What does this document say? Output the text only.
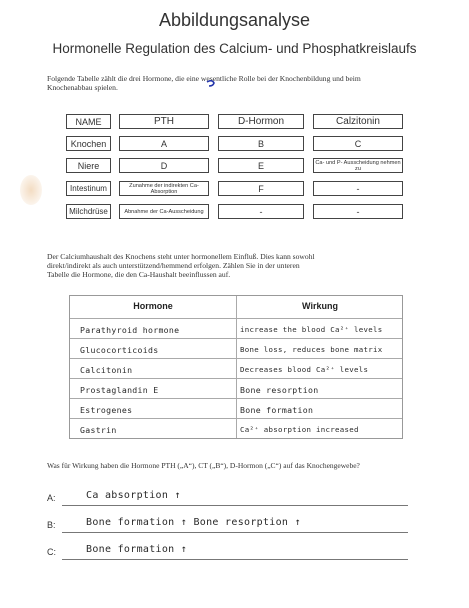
Abbildungsanalyse
Hormonelle Regulation des Calcium- und Phosphatkreislaufs
Folgende Tabelle zählt die drei Hormone, die eine wesentliche Rolle bei der Knochenbildung und beim
Knochenabbau spielen.
NAME	PTH	D-Hormon	Calzitonin
Knochen	A	B	C
Niere	D	E	Ca- und P- Ausscheidung nehmen zu
Intestinum	Zunahme der indirekten Ca-Absorption	F	-
Milchdrüse	Abnahme der Ca-Ausscheidung	-	-
Der Calciumhaushalt des Knochens steht unter hormonellem Einfluß. Dies kann sowohl
direkt/indirekt als auch unterstützend/hemmend erfolgen. Zählen Sie in der unteren
Tabelle die Hormone, die den Ca-Haushalt beeinflussen auf.
Hormone	Wirkung
Parathyroid hormone	increase the blood Ca²⁺ levels
Glucocorticoids	Bone loss, reduces bone matrix
Calcitonin	Decreases blood Ca²⁺ levels
Prostaglandin E	Bone resorption
Estrogenes	Bone formation
Gastrin	Ca²⁺ absorption increased
Was für Wirkung haben die Hormone PTH („A“), CT („B“), D-Hormon („C“) auf das Knochengewebe?
A:	Ca absorption ↑
B:	Bone formation ↑ Bone resorption ↑
C:	Bone formation ↑
